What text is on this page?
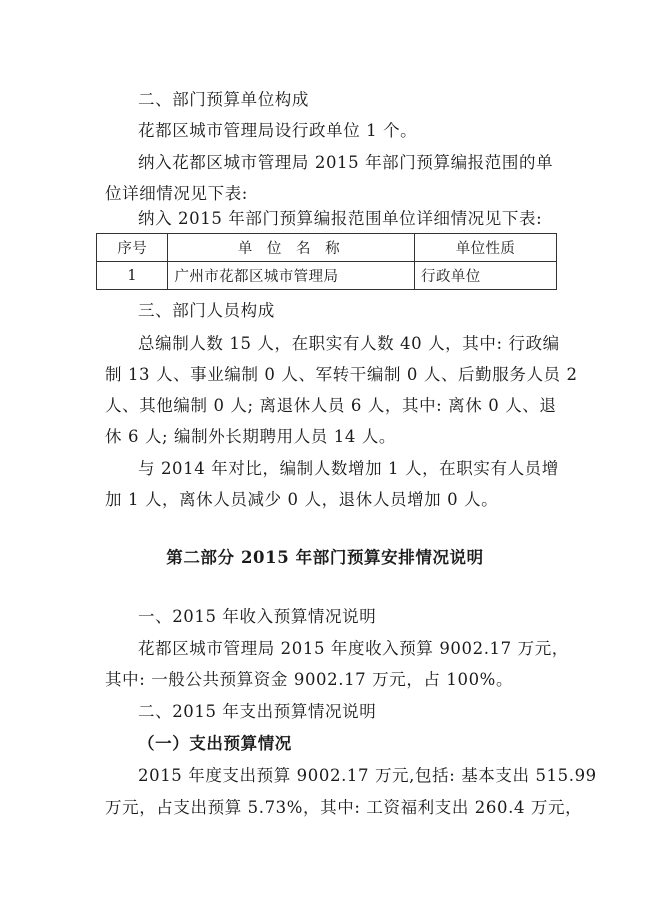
二、部门预算单位构成
花都区城市管理局设行政单位 1 个。
纳入花都区城市管理局 2015 年部门预算编报范围的单
位详细情况见下表:
纳入 2015 年部门预算编报范围单位详细情况见下表:
序号	单 位 名 称	单位性质
1	广州市花都区城市管理局	行政单位
三、部门人员构成
总编制人数 15 人，在职实有人数 40 人，其中: 行政编
制 13 人、事业编制 0 人、军转干编制 0 人、后勤服务人员 2
人、其他编制 0 人; 离退休人员 6 人，其中: 离休 0 人、退
休 6 人; 编制外长期聘用人员 14 人。
与 2014 年对比，编制人数增加 1 人，在职实有人员增
加 1 人，离休人员减少 0 人，退休人员增加 0 人。
第二部分 2015 年部门预算安排情况说明
一、2015 年收入预算情况说明
花都区城市管理局 2015 年度收入预算 9002.17 万元，
其中: 一般公共预算资金 9002.17 万元，占 100%。
二、2015 年支出预算情况说明
（一）支出预算情况
2015 年度支出预算 9002.17 万元,包括: 基本支出 515.99
万元，占支出预算 5.73%，其中: 工资福利支出 260.4 万元，
